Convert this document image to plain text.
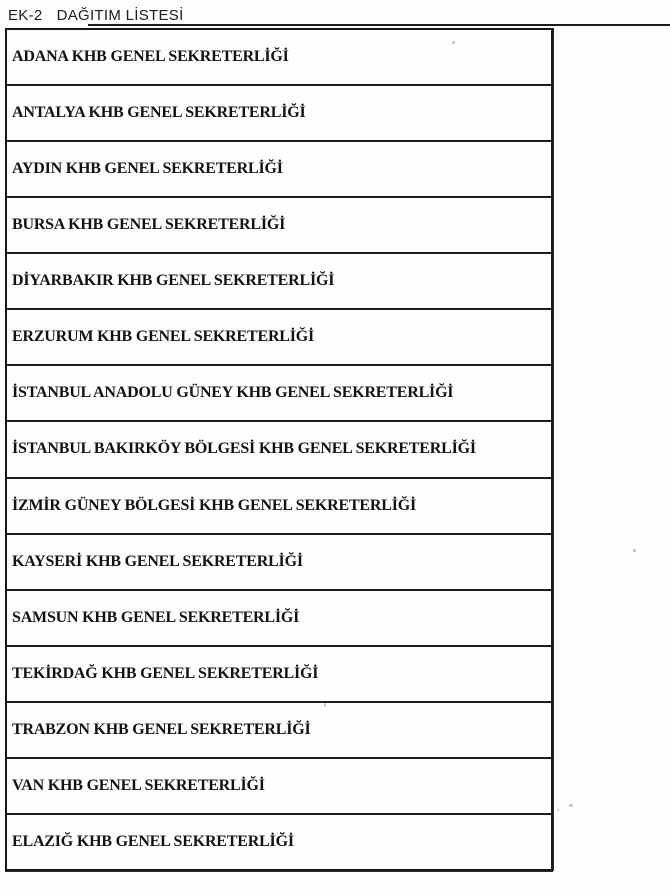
EK-2 DAĞITIM LİSTESİ
ADANA KHB GENEL SEKRETERLİĞİ
ANTALYA KHB GENEL SEKRETERLİĞİ
AYDIN KHB GENEL SEKRETERLİĞİ
BURSA KHB GENEL SEKRETERLİĞİ
DİYARBAKIR KHB GENEL SEKRETERLİĞİ
ERZURUM KHB GENEL SEKRETERLİĞİ
İSTANBUL ANADOLU GÜNEY KHB GENEL SEKRETERLİĞİ
İSTANBUL BAKIRKÖY BÖLGESİ KHB GENEL SEKRETERLİĞİ
İZMİR GÜNEY BÖLGESİ KHB GENEL SEKRETERLİĞİ
KAYSERİ KHB GENEL SEKRETERLİĞİ
SAMSUN KHB GENEL SEKRETERLİĞİ
TEKİRDAĞ KHB GENEL SEKRETERLİĞİ
TRABZON KHB GENEL SEKRETERLİĞİ
VAN KHB GENEL SEKRETERLİĞİ
ELAZIĞ KHB GENEL SEKRETERLİĞİ
